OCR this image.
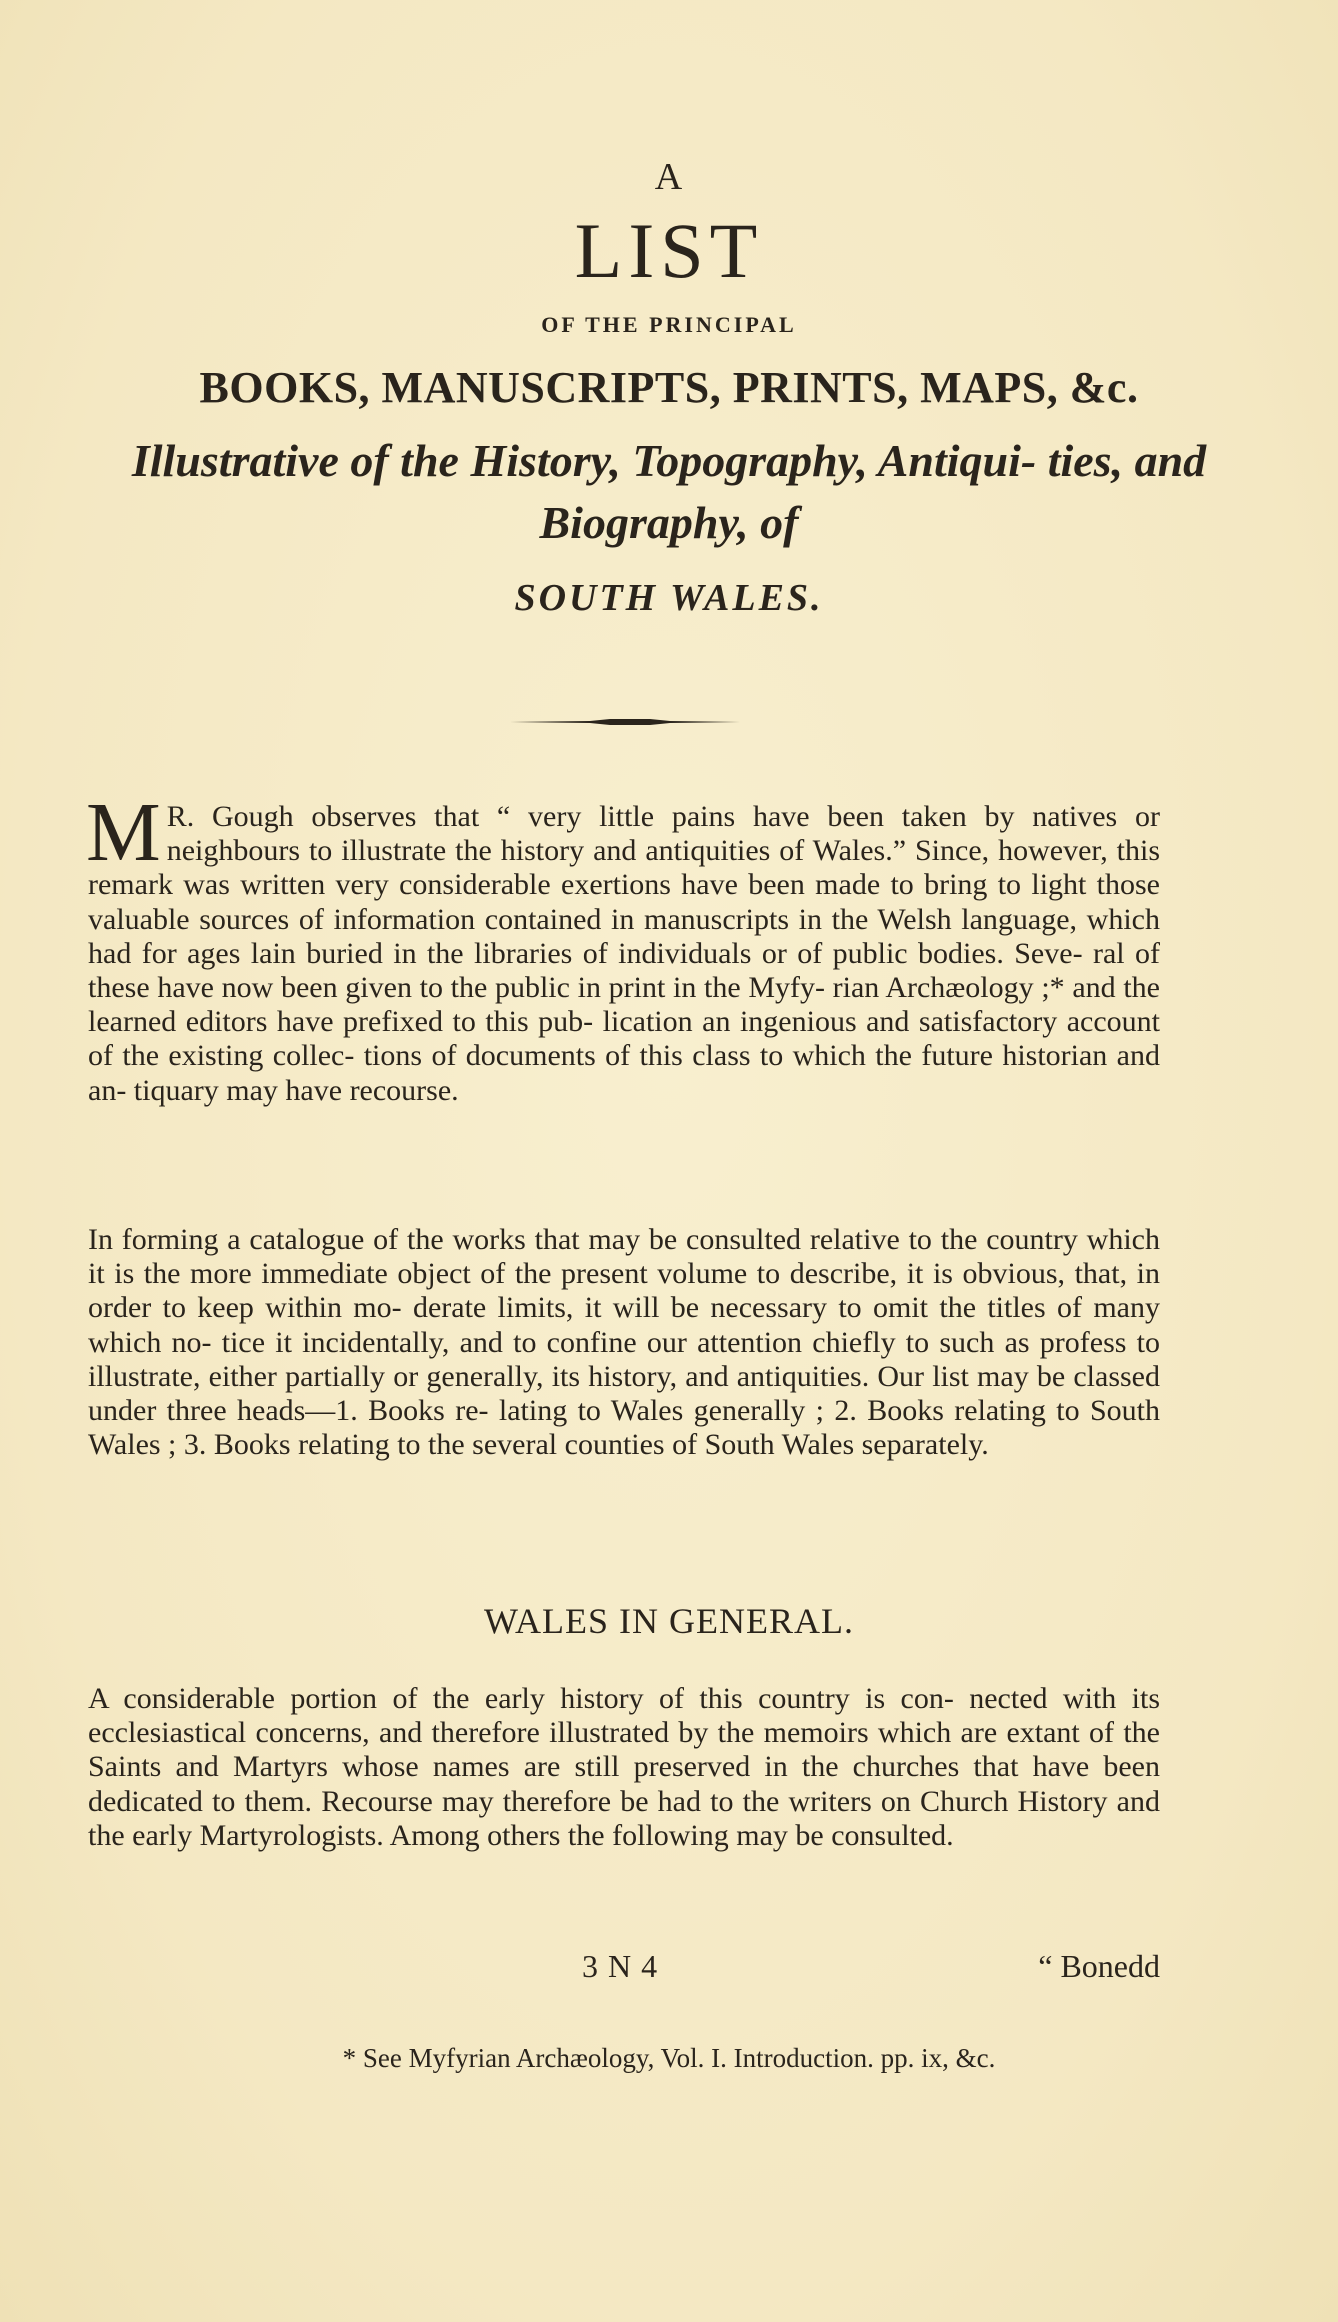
A
LIST
OF THE PRINCIPAL
BOOKS, MANUSCRIPTS, PRINTS, MAPS, &c.
Illustrative of the History, Topography, Antiqui- ties, and Biography, of
SOUTH WALES.
M R. Gough observes that “ very little pains have been taken by natives or neighbours to illustrate the history and antiquities of Wales.” Since, however, this remark was written very considerable exertions have been made to bring to light those valuable sources of information contained in manuscripts in the Welsh language, which had for ages lain buried in the libraries of individuals or of public bodies. Seve- ral of these have now been given to the public in print in the Myfy- rian Archæology ;* and the learned editors have prefixed to this pub- lication an ingenious and satisfactory account of the existing collec- tions of documents of this class to which the future historian and an- tiquary may have recourse.
In forming a catalogue of the works that may be consulted relative to the country which it is the more immediate object of the present volume to describe, it is obvious, that, in order to keep within mo- derate limits, it will be necessary to omit the titles of many which no- tice it incidentally, and to confine our attention chiefly to such as profess to illustrate, either partially or generally, its history, and antiquities. Our list may be classed under three heads—1. Books re- lating to Wales generally ; 2. Books relating to South Wales ; 3. Books relating to the several counties of South Wales separately.
WALES IN GENERAL.
A considerable portion of the early history of this country is con- nected with its ecclesiastical concerns, and therefore illustrated by the memoirs which are extant of the Saints and Martyrs whose names are still preserved in the churches that have been dedicated to them. Recourse may therefore be had to the writers on Church History and the early Martyrologists. Among others the following may be consulted.
3 N 4	“ Bonedd
* See Myfyrian Archæology, Vol. I. Introduction. pp. ix, &c.
